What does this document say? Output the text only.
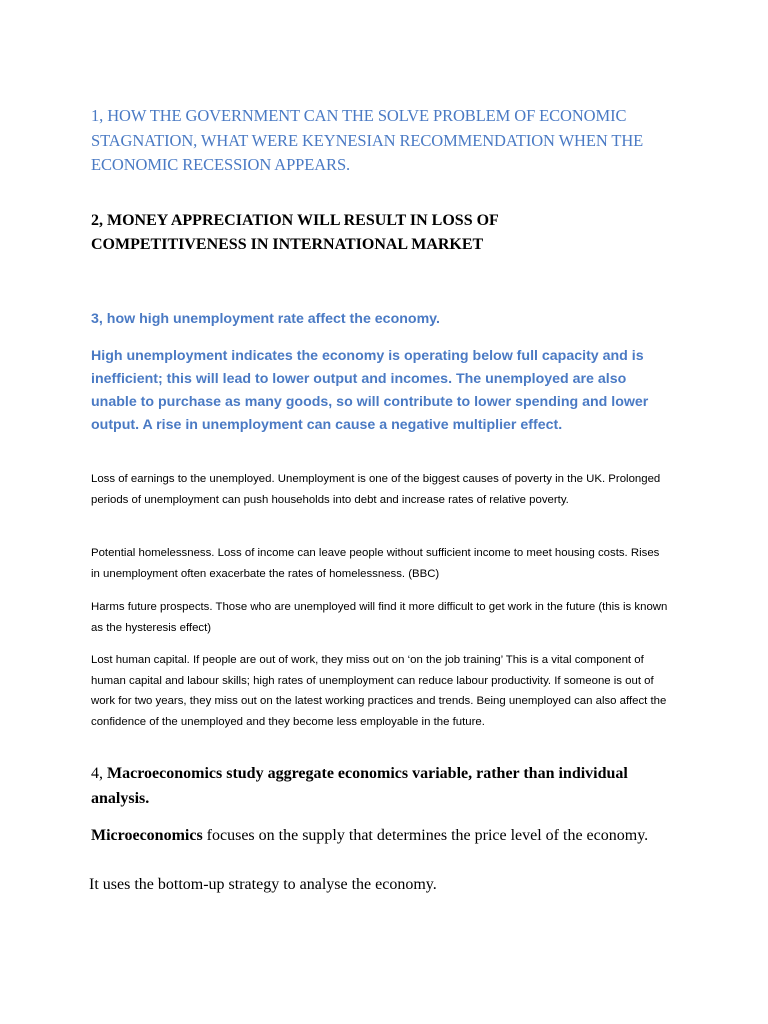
1, HOW THE GOVERNMENT CAN THE SOLVE PROBLEM OF ECONOMIC STAGNATION, WHAT WERE KEYNESIAN RECOMMENDATION WHEN THE ECONOMIC RECESSION APPEARS.

2, MONEY APPRECIATION WILL RESULT IN LOSS OF COMPETITIVENESS IN INTERNATIONAL MARKET

3, how high unemployment rate affect the economy.

High unemployment indicates the economy is operating below full capacity and is inefficient; this will lead to lower output and incomes. The unemployed are also unable to purchase as many goods, so will contribute to lower spending and lower output. A rise in unemployment can cause a negative multiplier effect.

Loss of earnings to the unemployed. Unemployment is one of the biggest causes of poverty in the UK. Prolonged periods of unemployment can push households into debt and increase rates of relative poverty.

Potential homelessness. Loss of income can leave people without sufficient income to meet housing costs. Rises in unemployment often exacerbate the rates of homelessness. (BBC)

Harms future prospects. Those who are unemployed will find it more difficult to get work in the future (this is known as the hysteresis effect)

Lost human capital. If people are out of work, they miss out on ‘on the job training’ This is a vital component of human capital and labour skills; high rates of unemployment can reduce labour productivity. If someone is out of work for two years, they miss out on the latest working practices and trends. Being unemployed can also affect the confidence of the unemployed and they become less employable in the future.

4, Macroeconomics study aggregate economics variable, rather than individual analysis.

Microeconomics focuses on the supply that determines the price level of the economy.

It uses the bottom-up strategy to analyse the economy.
